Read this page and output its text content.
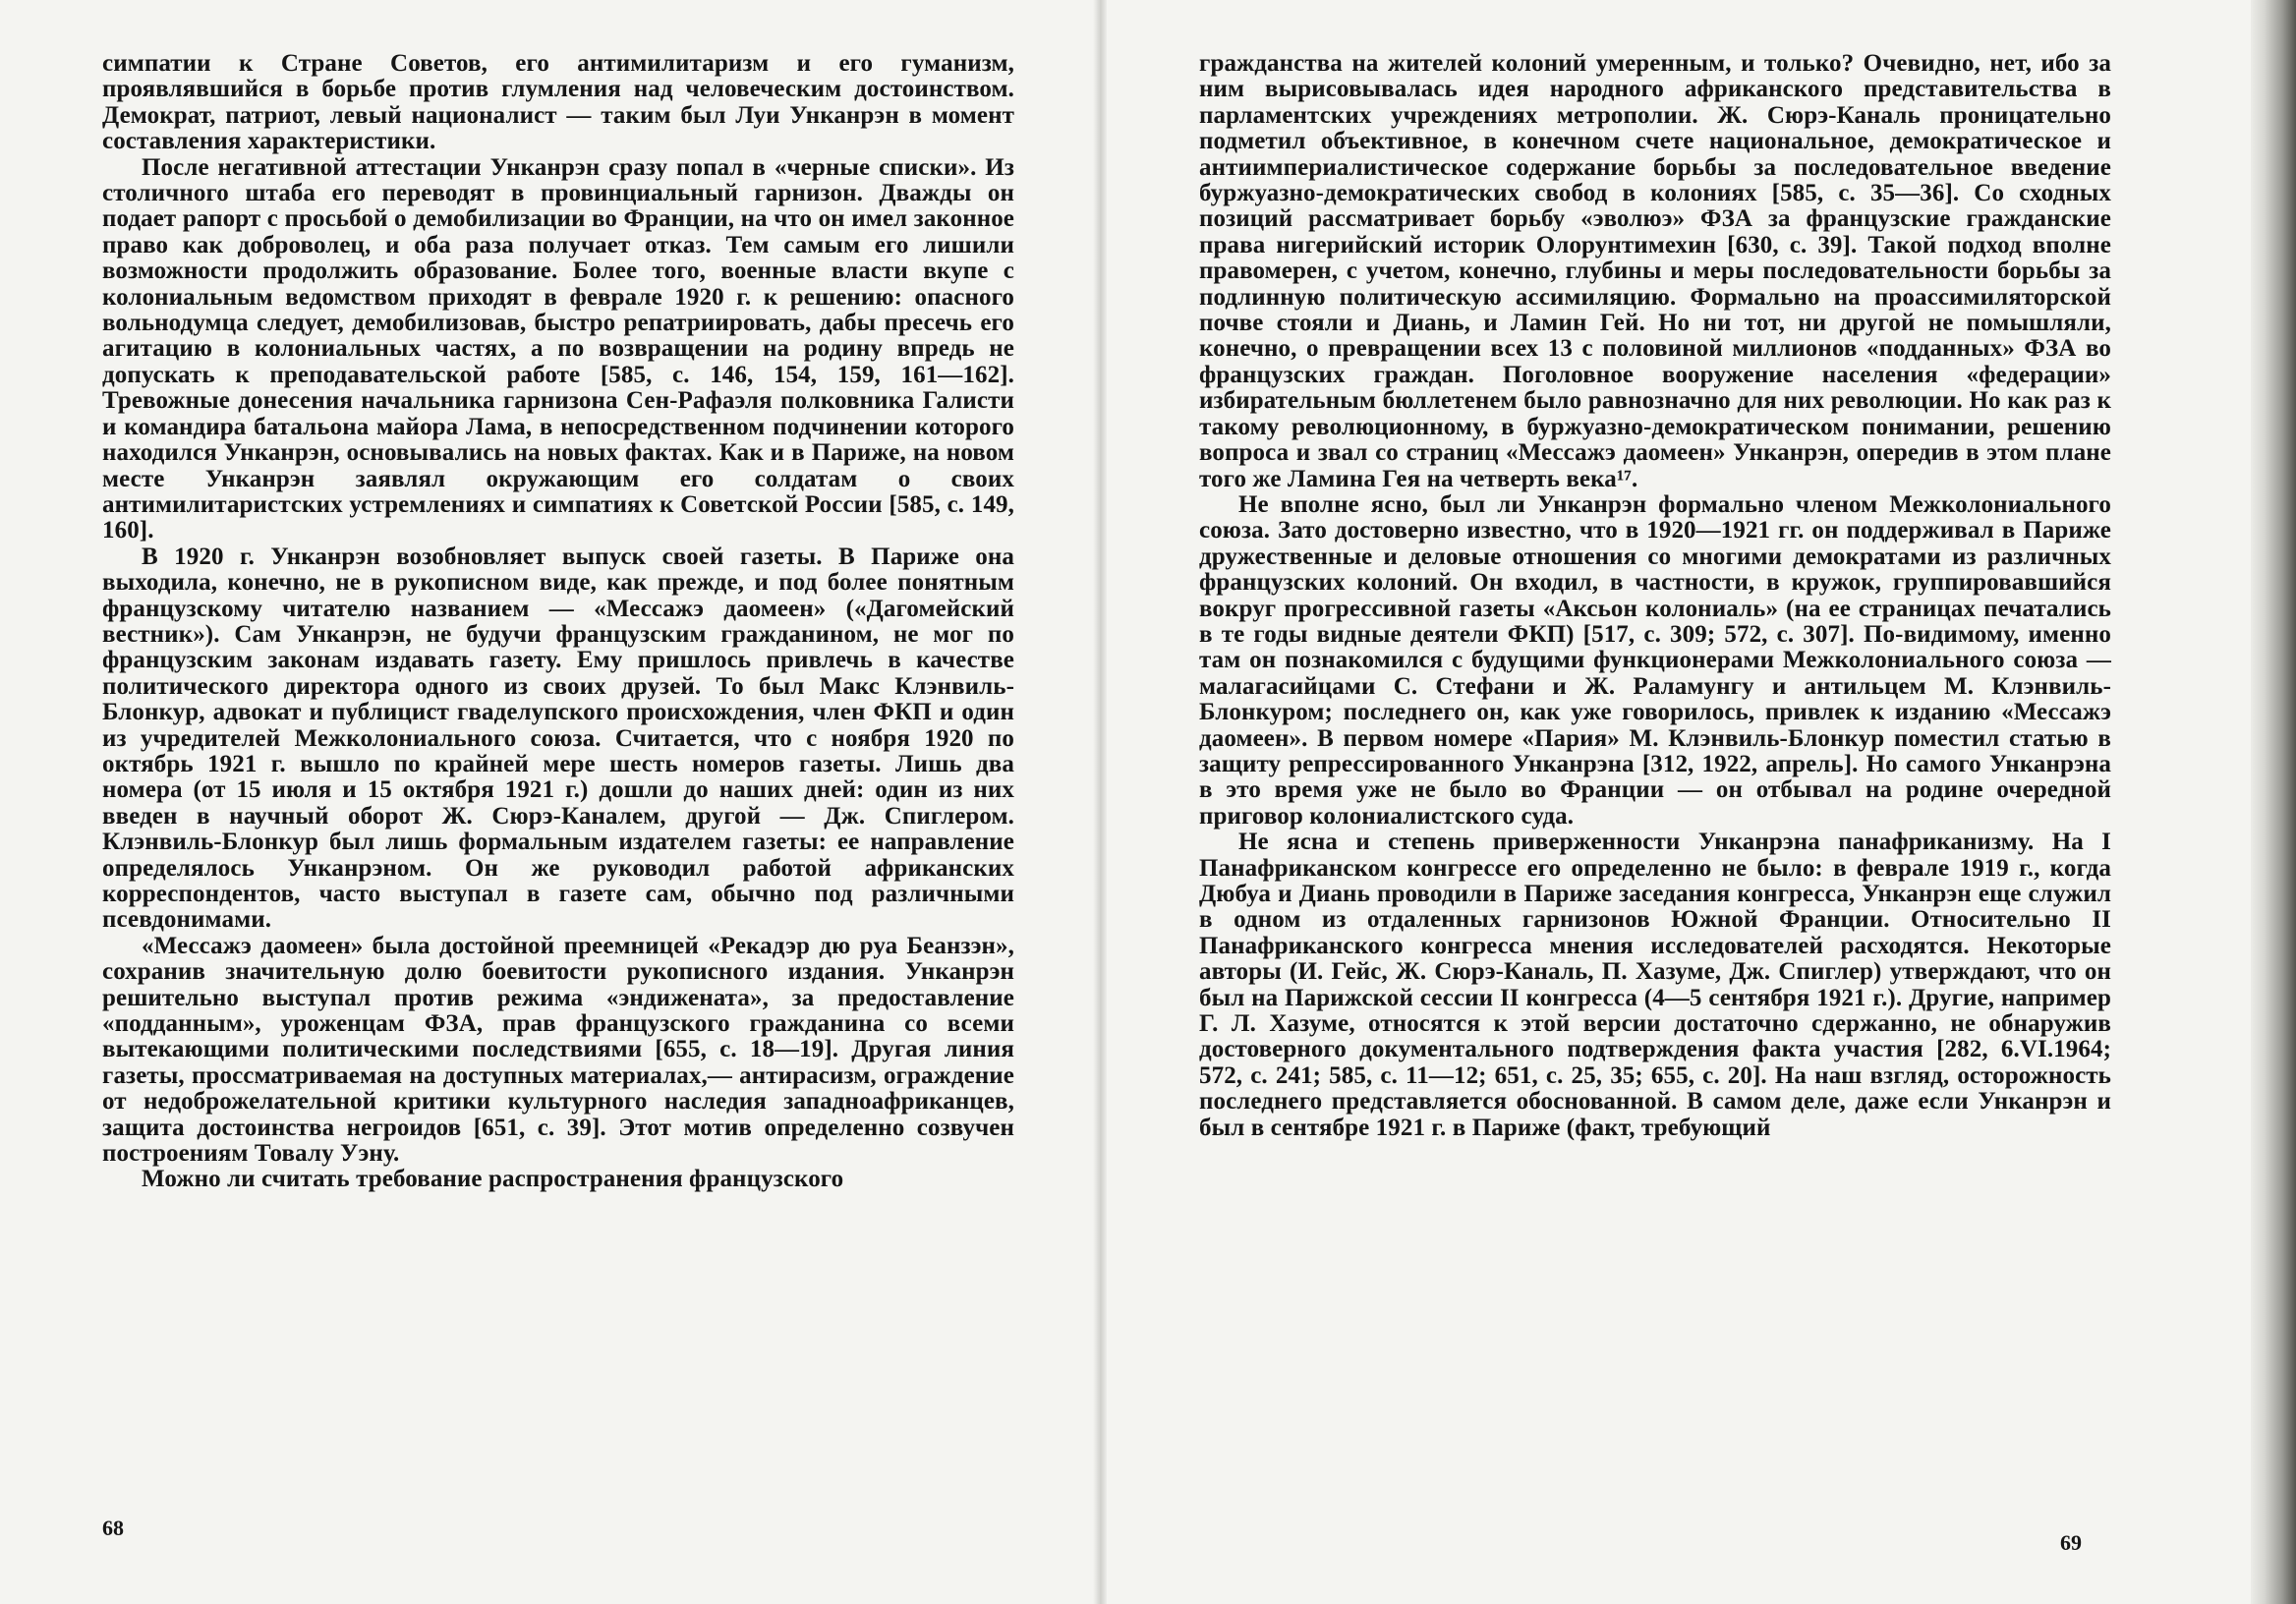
симпатии к Стране Советов, его антимилитаризм и его гуманизм, проявлявшийся в борьбе против глумления над человеческим достоинством. Демократ, патриот, левый националист — таким был Луи Унканрэн в момент составления характеристики.

После негативной аттестации Унканрэн сразу попал в «черные списки». Из столичного штаба его переводят в провинциальный гарнизон. Дважды он подает рапорт с просьбой о демобилизации во Франции, на что он имел законное право как доброволец, и оба раза получает отказ. Тем самым его лишили возможности продолжить образование. Более того, военные власти вкупе с колониальным ведомством приходят в феврале 1920 г. к решению: опасного вольнодумца следует, демобилизовав, быстро репатриировать, дабы пресечь его агитацию в колониальных частях, а по возвращении на родину впредь не допускать к преподавательской работе [585, с. 146, 154, 159, 161—162]. Тревожные донесения начальника гарнизона Сен-Рафаэля полковника Галисти и командира батальона майора Лама, в непосредственном подчинении которого находился Унканрэн, основывались на новых фактах. Как и в Париже, на новом месте Унканрэн заявлял окружающим его солдатам о своих антимилитаристских устремлениях и симпатиях к Советской России [585, с. 149, 160].

В 1920 г. Унканрэн возобновляет выпуск своей газеты. В Париже она выходила, конечно, не в рукописном виде, как прежде, и под более понятным французскому читателю названием — «Мессажэ даомеен» («Дагомейский вестник»). Сам Унканрэн, не будучи французским гражданином, не мог по французским законам издавать газету. Ему пришлось привлечь в качестве политического директора одного из своих друзей. То был Макс Клэнвиль-Блонкур, адвокат и публицист гваделупского происхождения, член ФКП и один из учредителей Межколониального союза. Считается, что с ноября 1920 по октябрь 1921 г. вышло по крайней мере шесть номеров газеты. Лишь два номера (от 15 июля и 15 октября 1921 г.) дошли до наших дней: один из них введен в научный оборот Ж. Сюрэ-Каналем, другой — Дж. Спиглером. Клэнвиль-Блонкур был лишь формальным издателем газеты: ее направление определялось Унканрэном. Он же руководил работой африканских корреспондентов, часто выступал в газете сам, обычно под различными псевдонимами.

«Мессажэ даомеен» была достойной преемницей «Рекадэр дю руа Беанзэн», сохранив значительную долю боевитости рукописного издания. Унканрэн решительно выступал против режима «эндижената», за предоставление «подданным», уроженцам ФЗА, прав французского гражданина со всеми вытекающими политическими последствиями [655, с. 18—19]. Другая линия газеты, проссматриваемая на доступных материалах,— антирасизм, ограждение от недоброжелательной критики культурного наследия западноафриканцев, защита достоинства негроидов [651, с. 39]. Этот мотив определенно созвучен построениям Товалу Уэну.

Можно ли считать требование распространения французского

68

гражданства на жителей колоний умеренным, и только? Очевидно, нет, ибо за ним вырисовывалась идея народного африканского представительства в парламентских учреждениях метрополии. Ж. Сюрэ-Каналь проницательно подметил объективное, в конечном счете национальное, демократическое и антиимпериалистическое содержание борьбы за последовательное введение буржуазно-демократических свобод в колониях [585, с. 35—36]. Со сходных позиций рассматривает борьбу «эволюэ» ФЗА за французские гражданские права нигерийский историк Олорунтимехин [630, с. 39]. Такой подход вполне правомерен, с учетом, конечно, глубины и меры последовательности борьбы за подлинную политическую ассимиляцию. Формально на проассимиляторской почве стояли и Диань, и Ламин Гей. Но ни тот, ни другой не помышляли, конечно, о превращении всех 13 с половиной миллионов «подданных» ФЗА во французских граждан. Поголовное вооружение населения «федерации» избирательным бюллетенем было равнозначно для них революции. Но как раз к такому революционному, в буржуазно-демократическом понимании, решению вопроса и звал со страниц «Мессажэ даомеен» Унканрэн, опередив в этом плане того же Ламина Гея на четверть века¹⁷.

Не вполне ясно, был ли Унканрэн формально членом Межколониального союза. Зато достоверно известно, что в 1920—1921 гг. он поддерживал в Париже дружественные и деловые отношения со многими демократами из различных французских колоний. Он входил, в частности, в кружок, группировавшийся вокруг прогрессивной газеты «Аксьон колониаль» (на ее страницах печатались в те годы видные деятели ФКП) [517, с. 309; 572, с. 307]. По-видимому, именно там он познакомился с будущими функционерами Межколониального союза — малагасийцами С. Стефани и Ж. Раламунгу и антильцем М. Клэнвиль-Блонкуром; последнего он, как уже говорилось, привлек к изданию «Мессажэ даомеен». В первом номере «Пария» М. Клэнвиль-Блонкур поместил статью в защиту репрессированного Унканрэна [312, 1922, апрель]. Но самого Унканрэна в это время уже не было во Франции — он отбывал на родине очередной приговор колониалистского суда.

Не ясна и степень приверженности Унканрэна панафриканизму. На I Панафриканском конгрессе его определенно не было: в феврале 1919 г., когда Дюбуа и Диань проводили в Париже заседания конгресса, Унканрэн еще служил в одном из отдаленных гарнизонов Южной Франции. Относительно II Панафриканского конгресса мнения исследователей расходятся. Некоторые авторы (И. Гейс, Ж. Сюрэ-Каналь, П. Хазуме, Дж. Спиглер) утверждают, что он был на Парижской сессии II конгресса (4—5 сентября 1921 г.). Другие, например Г. Л. Хазуме, относятся к этой версии достаточно сдержанно, не обнаружив достоверного документального подтверждения факта участия [282, 6.VI.1964; 572, с. 241; 585, с. 11—12; 651, с. 25, 35; 655, с. 20]. На наш взгляд, осторожность последнего представляется обоснованной. В самом деле, даже если Унканрэн и был в сентябре 1921 г. в Париже (факт, требующий

69
